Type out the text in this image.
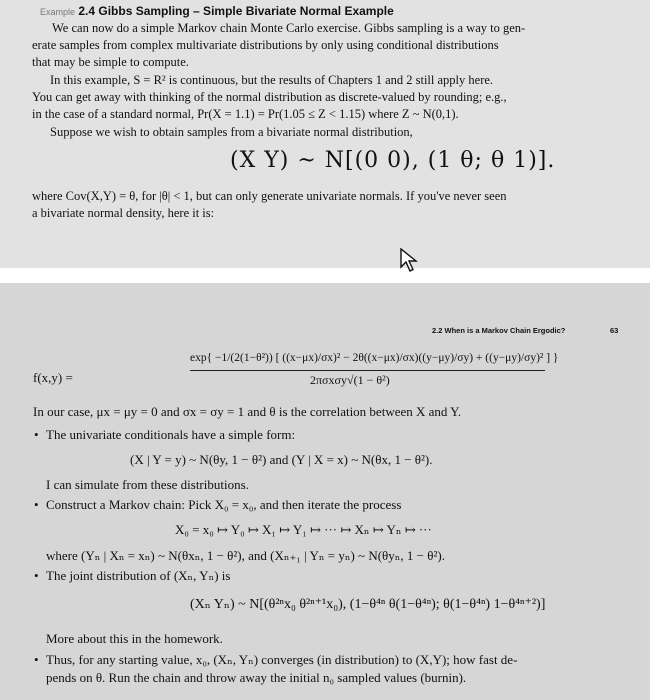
Example 2.4 Gibbs Sampling – Simple Bivariate Normal Example
We can now do a simple Markov chain Monte Carlo exercise. Gibbs sampling is a way to gen-
erate samples from complex multivariate distributions by only using conditional distributions
that may be simple to compute.
In this example, S = R² is continuous, but the results of Chapters 1 and 2 still apply here.
You can get away with thinking of the normal distribution as discrete-valued by rounding; e.g.,
in the case of a standard normal, Pr(X = 1.1) = Pr(1.05 ≤ Z < 1.15) where Z ~ N(0,1).
Suppose we wish to obtain samples from a bivariate normal distribution,
(X Y) ~ N[(0 0), (1 θ; θ 1)].
where Cov(X,Y) = θ, for |θ| < 1, but can only generate univariate normals. If you've never seen
a bivariate normal density, here it is:
2.2 When is a Markov Chain Ergodic?	63
f(x,y) =
exp{ −1/(2(1−θ²)) [ ((x−μx)/σx)² − 2θ((x−μx)/σx)((y−μy)/σy) + ((y−μy)/σy)² ] }
2πσxσy√(1 − θ²)
In our case, μx = μy = 0 and σx = σy = 1 and θ is the correlation between X and Y.
• The univariate conditionals have a simple form:
(X | Y = y) ~ N(θy, 1 − θ²) and (Y | X = x) ~ N(θx, 1 − θ²).
I can simulate from these distributions.
• Construct a Markov chain: Pick X₀ = x₀, and then iterate the process
X₀ = x₀ ↦ Y₀ ↦ X₁ ↦ Y₁ ↦ ··· ↦ Xₙ ↦ Yₙ ↦ ···
where (Yₙ | Xₙ = xₙ) ~ N(θxₙ, 1 − θ²), and (Xₙ₊₁ | Yₙ = yₙ) ~ N(θyₙ, 1 − θ²).
• The joint distribution of (Xₙ, Yₙ) is
(Xₙ Yₙ) ~ N[(θ²ⁿx₀ θ²ⁿ⁺¹x₀), (1−θ⁴ⁿ θ(1−θ⁴ⁿ); θ(1−θ⁴ⁿ) 1−θ⁴ⁿ⁺²)]
More about this in the homework.
• Thus, for any starting value, x₀, (Xₙ, Yₙ) converges (in distribution) to (X,Y); how fast de-
pends on θ. Run the chain and throw away the initial n₀ sampled values (burnin).
